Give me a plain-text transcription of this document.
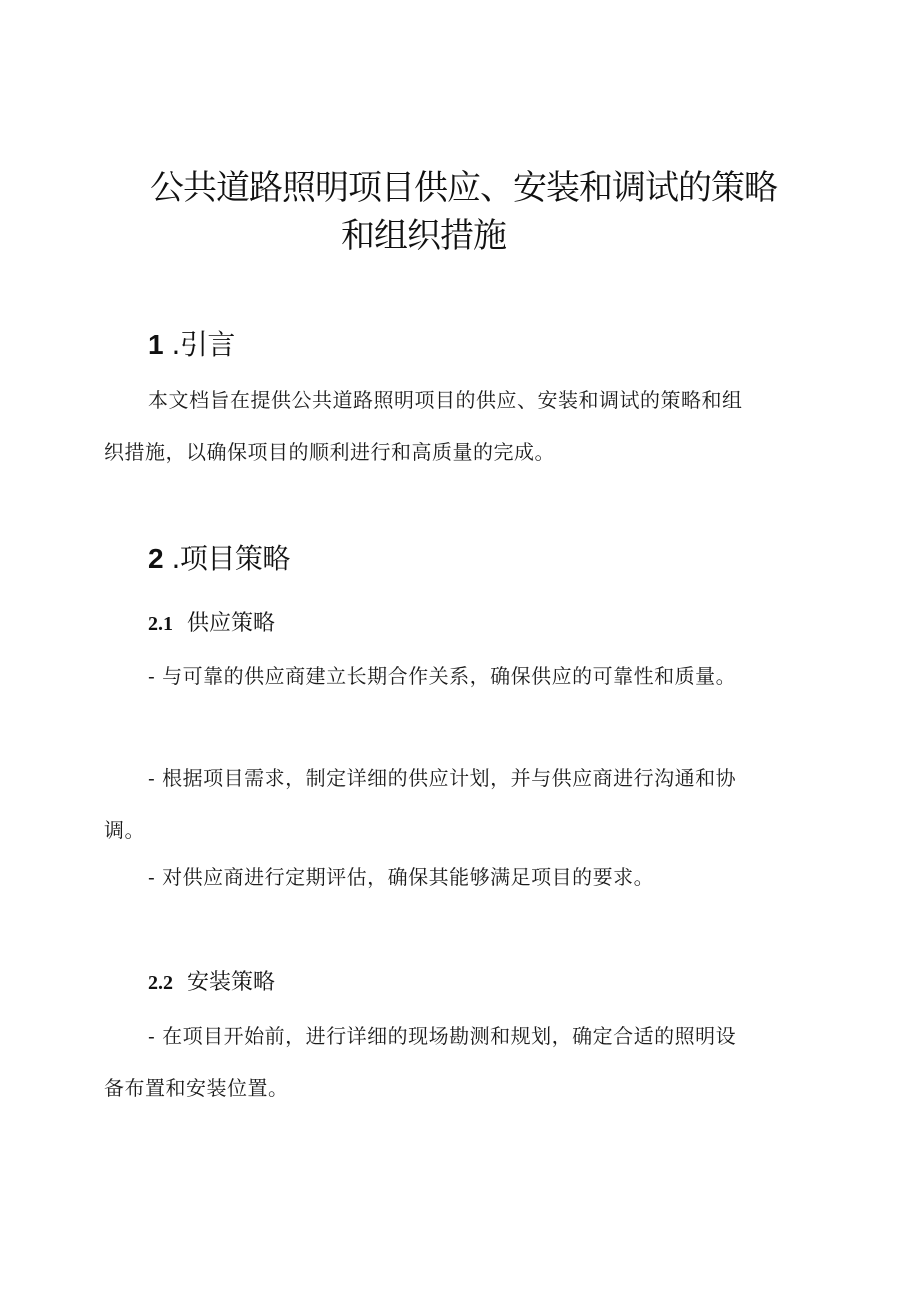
公共道路照明项目供应、安装和调试的策略
和组织措施
1 .引言

本文档旨在提供公共道路照明项目的供应、安装和调试的策略和组织措施，以确保项目的顺利进行和高质量的完成。

2 .项目策略
2.1 供应策略

- 与可靠的供应商建立长期合作关系，确保供应的可靠性和质量。

- 根据项目需求，制定详细的供应计划，并与供应商进行沟通和协调。

- 对供应商进行定期评估，确保其能够满足项目的要求。

2.2 安装策略

- 在项目开始前，进行详细的现场勘测和规划，确定合适的照明设备布置和安装位置。
